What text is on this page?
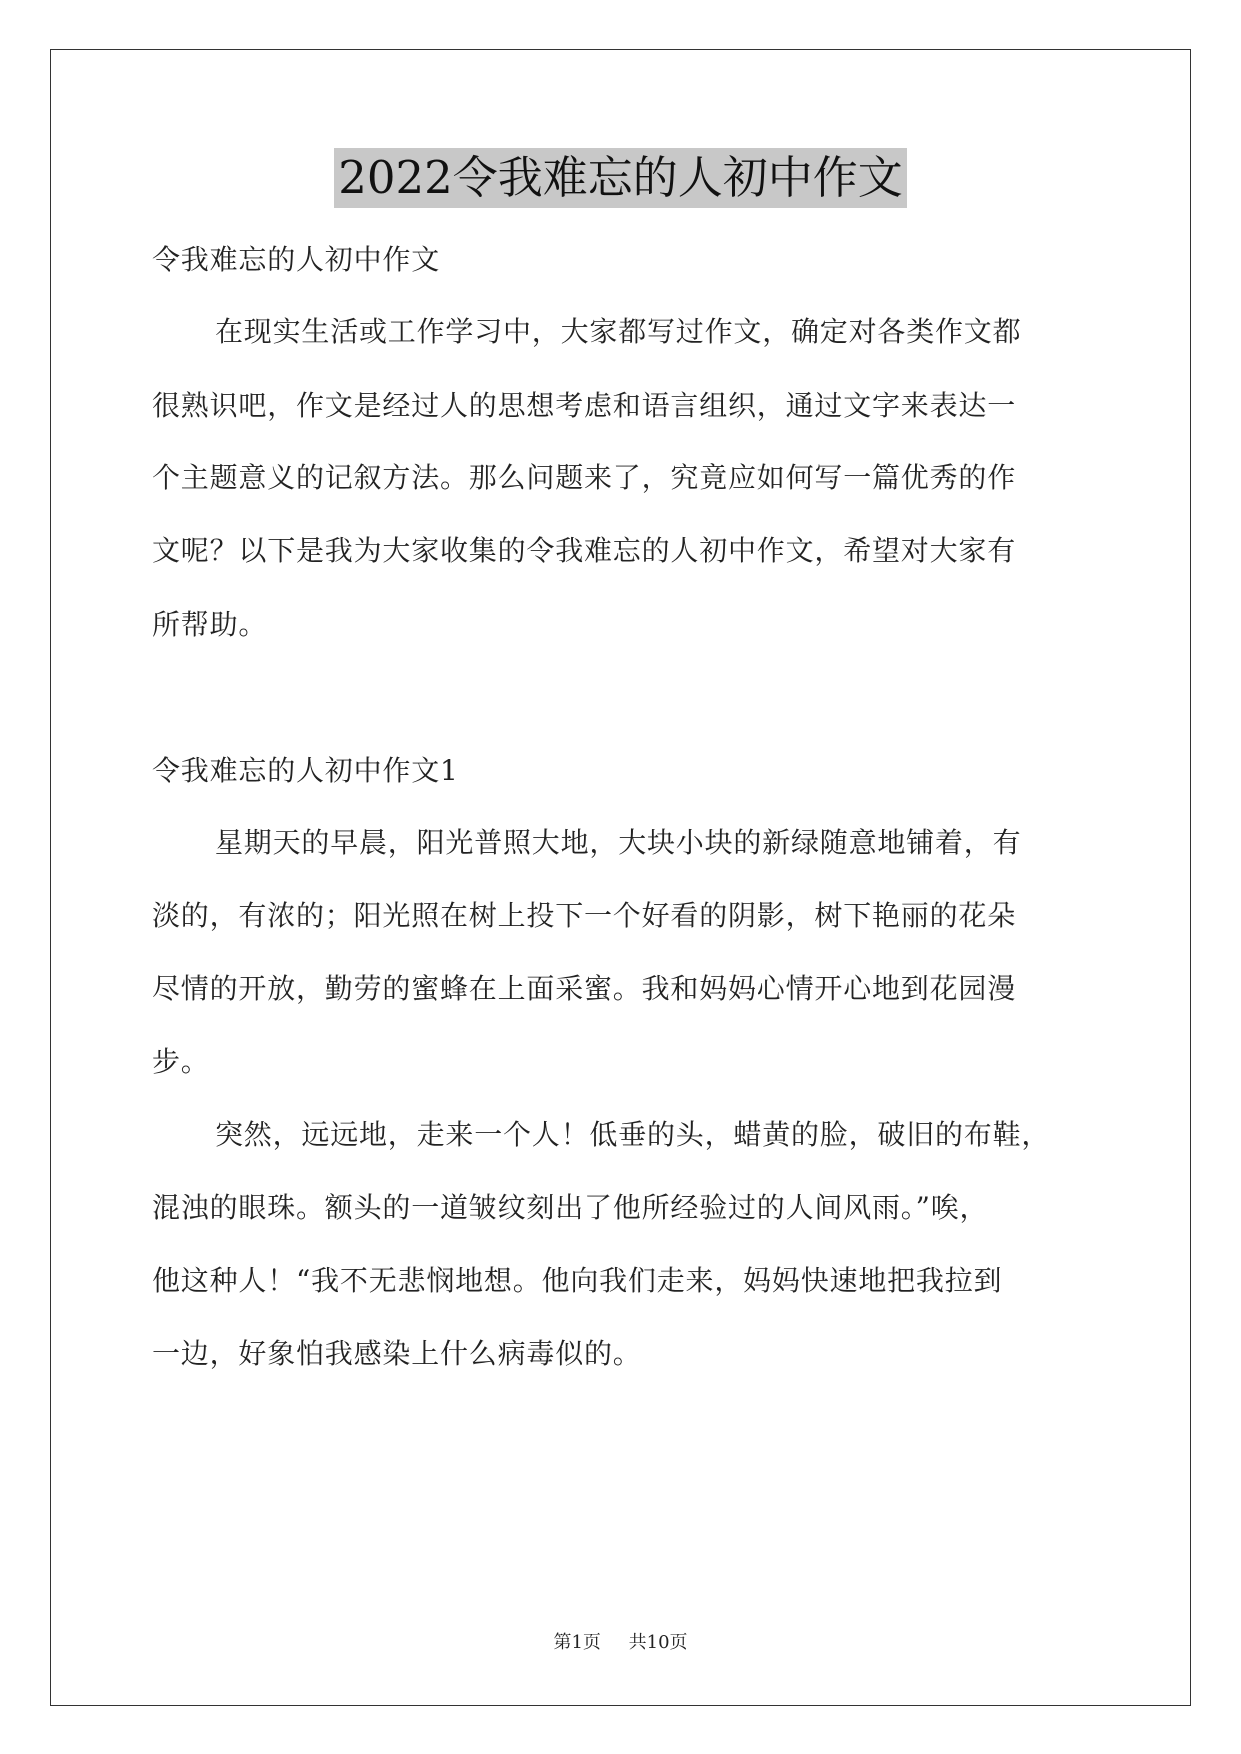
2022令我难忘的人初中作文
令我难忘的人初中作文
在现实生活或工作学习中，大家都写过作文，确定对各类作文都
很熟识吧，作文是经过人的思想考虑和语言组织，通过文字来表达一
个主题意义的记叙方法。那么问题来了，究竟应如何写一篇优秀的作
文呢？以下是我为大家收集的令我难忘的人初中作文，希望对大家有
所帮助。
令我难忘的人初中作文1
星期天的早晨，阳光普照大地，大块小块的新绿随意地铺着，有
淡的，有浓的；阳光照在树上投下一个好看的阴影，树下艳丽的花朵
尽情的开放，勤劳的蜜蜂在上面采蜜。我和妈妈心情开心地到花园漫
步。
突然，远远地，走来一个人！低垂的头，蜡黄的脸，破旧的布鞋，
混浊的眼珠。额头的一道皱纹刻出了他所经验过的人间风雨。”唉，
他这种人！“我不无悲悯地想。他向我们走来，妈妈快速地把我拉到
一边，好象怕我感染上什么病毒似的。
第1页 共10页
